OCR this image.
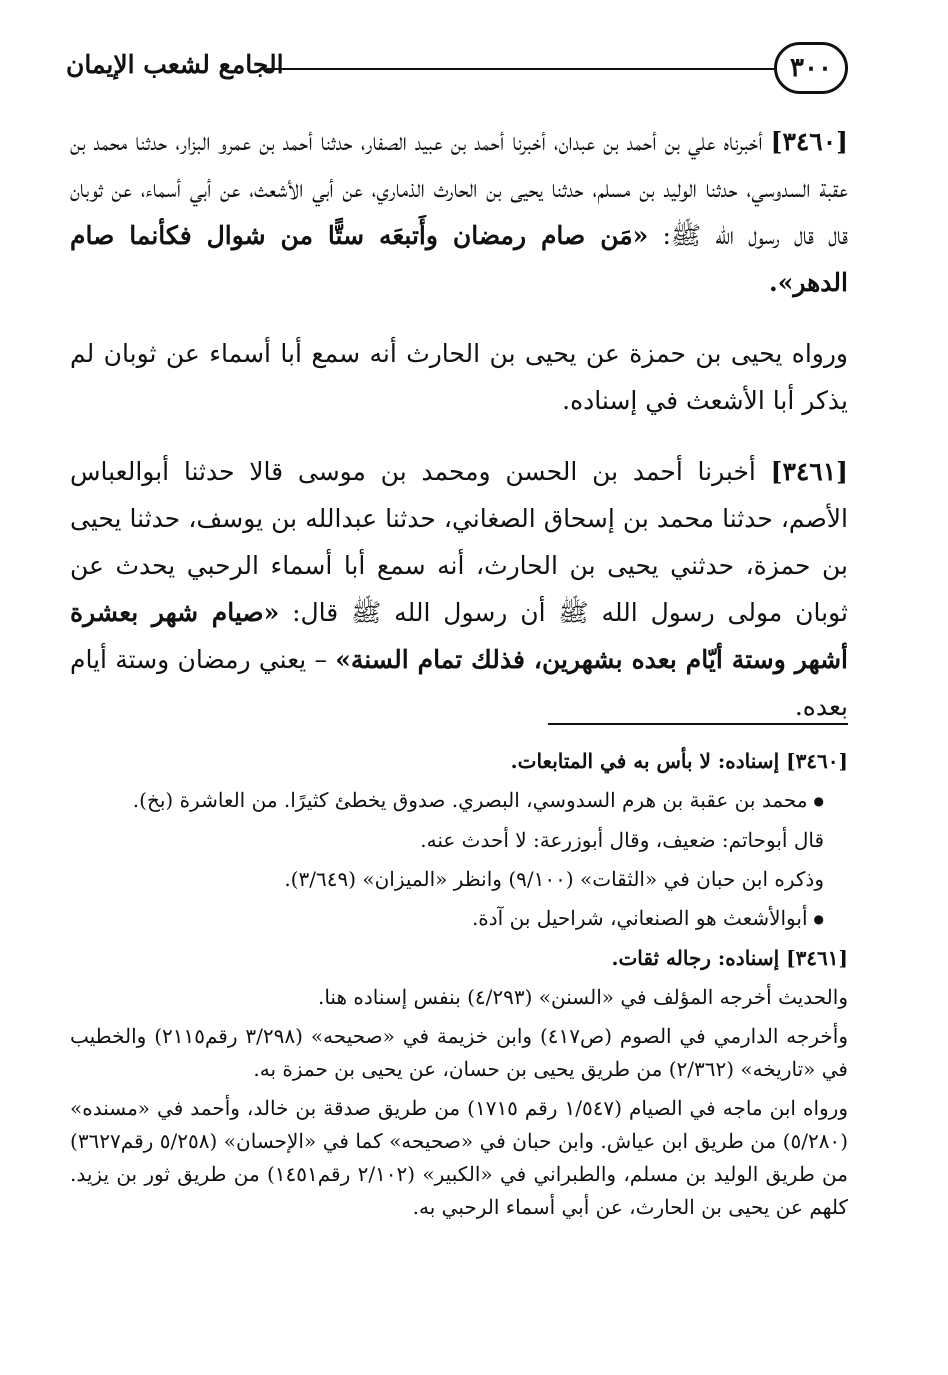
٣٠٠
الجامع لشعب الإيمان

[٣٤٦٠] أخبرناه علي بن أحمد بن عبدان، أخبرنا أحمد بن عبيد الصفار، حدثنا أحمد بن عمرو البزار، حدثنا محمد بن عقبة السدوسي، حدثنا الوليد بن مسلم، حدثنا يحيى بن الحارث الذماري، عن أبي الأشعث، عن أبي أسماء، عن ثوبان قال قال رسول الله ﷺ: «مَن صام رمضان وأَتبعَه ستًّا من شوال فكأنما صام الدهر».

ورواه يحيى بن حمزة عن يحيى بن الحارث أنه سمع أبا أسماء عن ثوبان لم يذكر أبا الأشعث في إسناده.

[٣٤٦١] أخبرنا أحمد بن الحسن ومحمد بن موسى قالا حدثنا أبوالعباس الأصم، حدثنا محمد بن إسحاق الصغاني، حدثنا عبدالله بن يوسف، حدثنا يحيى بن حمزة، حدثني يحيى بن الحارث، أنه سمع أبا أسماء الرحبي يحدث عن ثوبان مولى رسول الله ﷺ أن رسول الله ﷺ قال: «صيام شهر بعشرة أشهر وستة أيّام بعده بشهرين، فذلك تمام السنة» – يعني رمضان وستة أيام بعده.

[٣٤٦٠] إسناده: لا بأس به في المتابعات.

● محمد بن عقبة بن هرم السدوسي، البصري. صدوق يخطئ كثيرًا. من العاشرة (بخ).

قال أبوحاتم: ضعيف، وقال أبوزرعة: لا أحدث عنه.

وذكره ابن حبان في «الثقات» (٩/١٠٠) وانظر «الميزان» (٣/٦٤٩).

● أبوالأشعث هو الصنعاني، شراحيل بن آدة.

[٣٤٦١] إسناده: رجاله ثقات.

والحديث أخرجه المؤلف في «السنن» (٤/٢٩٣) بنفس إسناده هنا.

وأخرجه الدارمي في الصوم (ص٤١٧) وابن خزيمة في «صحيحه» (٣/٢٩٨ رقم٢١١٥) والخطيب في «تاريخه» (٢/٣٦٢) من طريق يحيى بن حسان، عن يحيى بن حمزة به.

ورواه ابن ماجه في الصيام (١/٥٤٧ رقم ١٧١٥) من طريق صدقة بن خالد، وأحمد في «مسنده» (٥/٢٨٠) من طريق ابن عياش. وابن حبان في «صحيحه» كما في «الإحسان» (٥/٢٥٨ رقم٣٦٢٧) من طريق الوليد بن مسلم، والطبراني في «الكبير» (٢/١٠٢ رقم١٤٥١) من طريق ثور بن يزيد. كلهم عن يحيى بن الحارث، عن أبي أسماء الرحبي به.
